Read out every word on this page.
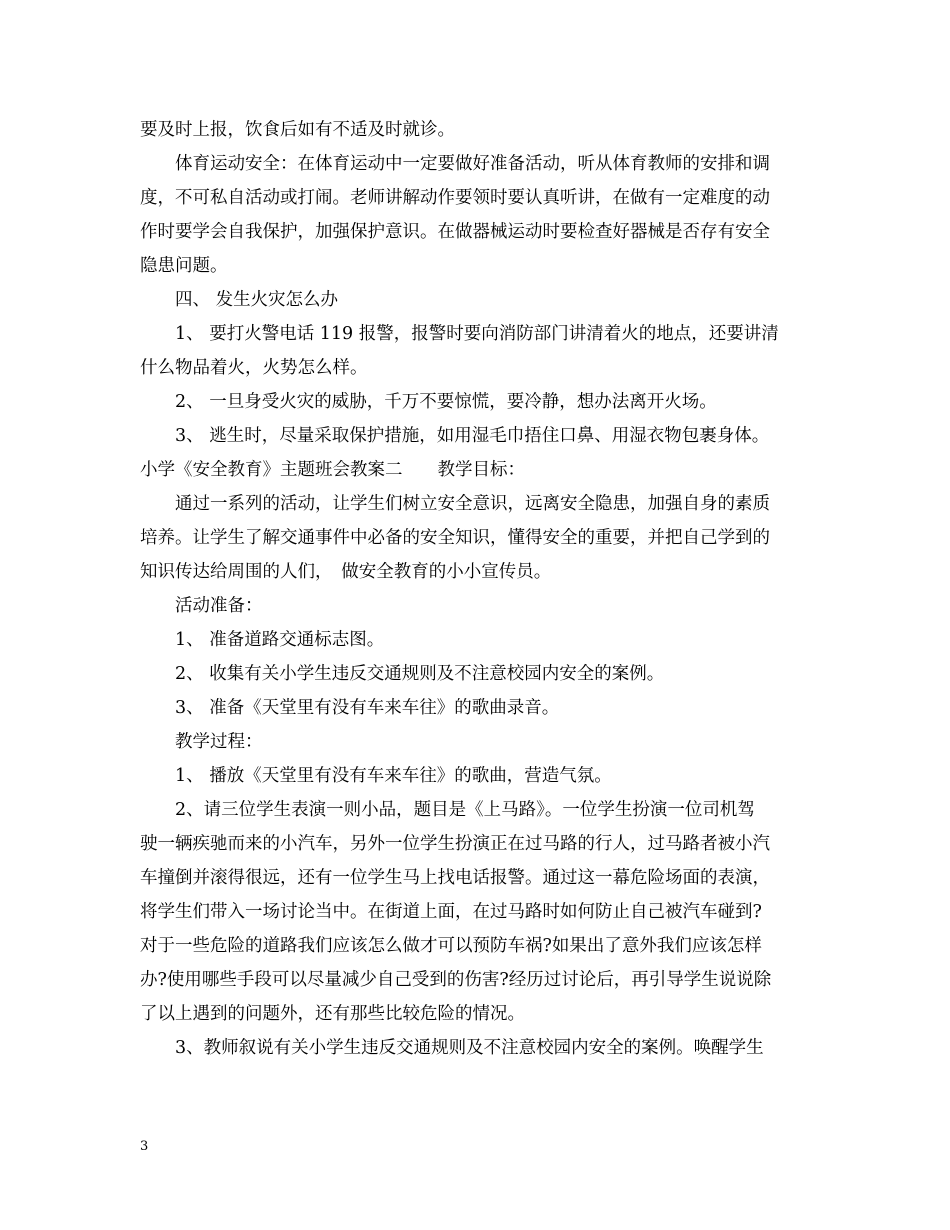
要及时上报，饮食后如有不适及时就诊。
体育运动安全：在体育运动中一定要做好准备活动，听从体育教师的安排和调
度，不可私自活动或打闹。老师讲解动作要领时要认真听讲，在做有一定难度的动
作时要学会自我保护，加强保护意识。在做器械运动时要检查好器械是否存有安全
隐患问题。
四、 发生火灾怎么办
1、 要打火警电话 119 报警，报警时要向消防部门讲清着火的地点，还要讲清
什么物品着火，火势怎么样。
2、 一旦身受火灾的威胁，千万不要惊慌，要冷静，想办法离开火场。
3、 逃生时，尽量采取保护措施，如用湿毛巾捂住口鼻、用湿衣物包裹身体。
小学《安全教育》主题班会教案二　　教学目标：
通过一系列的活动，让学生们树立安全意识，远离安全隐患，加强自身的素质
培养。让学生了解交通事件中必备的安全知识，懂得安全的重要，并把自己学到的
知识传达给周围的人们，　做安全教育的小小宣传员。
活动准备：
1、 准备道路交通标志图。
2、 收集有关小学生违反交通规则及不注意校园内安全的案例。
3、 准备《天堂里有没有车来车往》的歌曲录音。
教学过程：
1、 播放《天堂里有没有车来车往》的歌曲，营造气氛。
2、请三位学生表演一则小品，题目是《上马路》。一位学生扮演一位司机驾
驶一辆疾驰而来的小汽车，另外一位学生扮演正在过马路的行人，过马路者被小汽
车撞倒并滚得很远，还有一位学生马上找电话报警。通过这一幕危险场面的表演，
将学生们带入一场讨论当中。在街道上面，在过马路时如何防止自己被汽车碰到?
对于一些危险的道路我们应该怎么做才可以预防车祸?如果出了意外我们应该怎样
办?使用哪些手段可以尽量减少自己受到的伤害?经历过讨论后，再引导学生说说除
了以上遇到的问题外，还有那些比较危险的情况。
3、教师叙说有关小学生违反交通规则及不注意校园内安全的案例。唤醒学生
3
